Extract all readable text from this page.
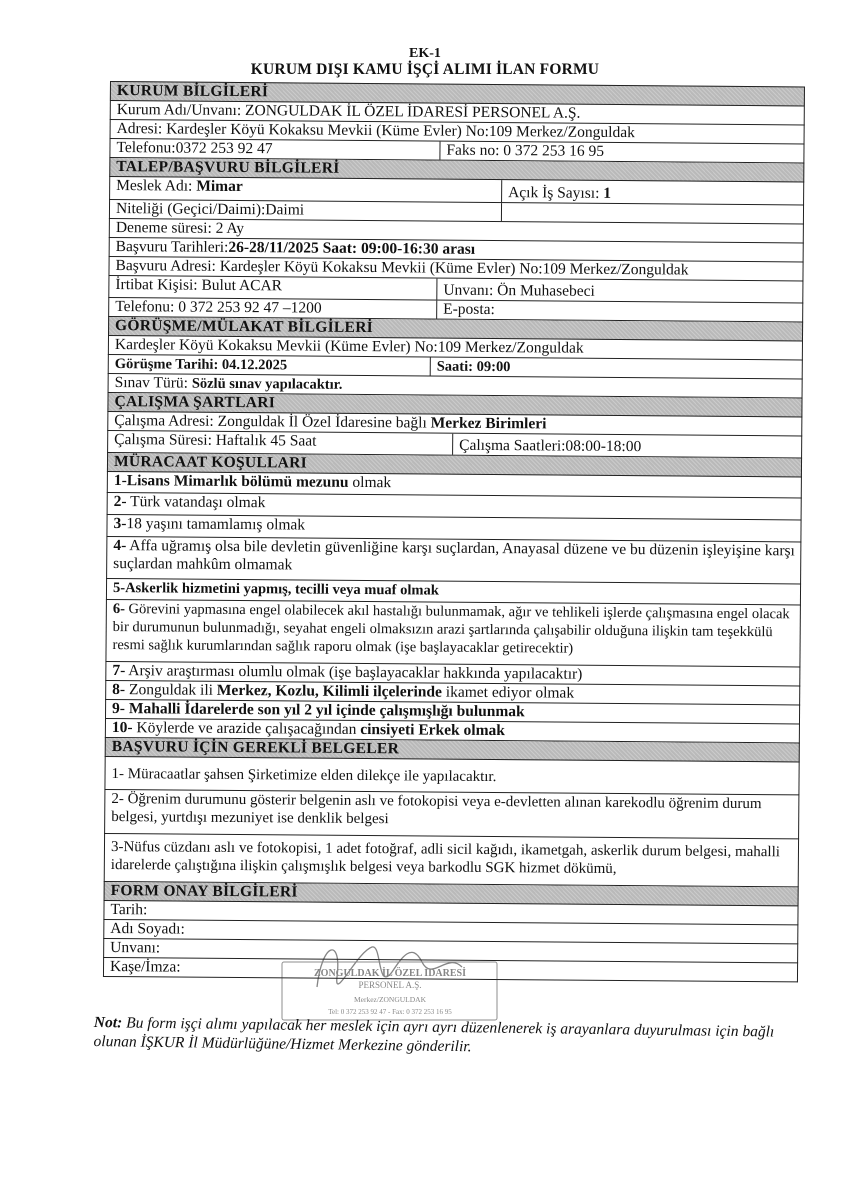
EK-1
KURUM DIŞI KAMU İŞÇİ ALIMI İLAN FORMU
KURUM BİLGİLERİ
Kurum Adı/Unvanı: ZONGULDAK İL ÖZEL İDARESİ PERSONEL A.Ş.
Adresi: Kardeşler Köyü Kokaksu Mevkii (Küme Evler) No:109 Merkez/Zonguldak
Telefonu:0372 253 92 47	Faks no: 0 372 253 16 95
TALEP/BAŞVURU BİLGİLERİ
Meslek Adı: Mimar	Açık İş Sayısı: 1
Niteliği (Geçici/Daimi):Daimi
Deneme süresi: 2 Ay
Başvuru Tarihleri:26-28/11/2025 Saat: 09:00-16:30 arası
Başvuru Adresi: Kardeşler Köyü Kokaksu Mevkii (Küme Evler) No:109 Merkez/Zonguldak
İrtibat Kişisi: Bulut ACAR	Unvanı: Ön Muhasebeci
Telefonu: 0 372 253 92 47 –1200	E-posta:
GÖRÜŞME/MÜLAKAT BİLGİLERİ
Kardeşler Köyü Kokaksu Mevkii (Küme Evler) No:109 Merkez/Zonguldak
Görüşme Tarihi: 04.12.2025	Saati: 09:00
Sınav Türü: Sözlü sınav yapılacaktır.
ÇALIŞMA ŞARTLARI
Çalışma Adresi: Zonguldak İl Özel İdaresine bağlı Merkez Birimleri
Çalışma Süresi: Haftalık 45 Saat	Çalışma Saatleri:08:00-18:00
MÜRACAAT KOŞULLARI
1-Lisans Mimarlık bölümü mezunu olmak
2- Türk vatandaşı olmak
3-18 yaşını tamamlamış olmak
4- Affa uğramış olsa bile devletin güvenliğine karşı suçlardan, Anayasal düzene ve bu düzenin işleyişine karşı suçlardan mahkûm olmamak
5-Askerlik hizmetini yapmış, tecilli veya muaf olmak
6- Görevini yapmasına engel olabilecek akıl hastalığı bulunmamak, ağır ve tehlikeli işlerde çalışmasına engel olacak bir durumunun bulunmadığı, seyahat engeli olmaksızın arazi şartlarında çalışabilir olduğuna ilişkin tam teşekkülü resmi sağlık kurumlarından sağlık raporu olmak (işe başlayacaklar getirecektir)
7- Arşiv araştırması olumlu olmak (işe başlayacaklar hakkında yapılacaktır)
8- Zonguldak ili Merkez, Kozlu, Kilimli ilçelerinde ikamet ediyor olmak
9- Mahalli İdarelerde son yıl 2 yıl içinde çalışmışlığı bulunmak
10- Köylerde ve arazide çalışacağından cinsiyeti Erkek olmak
BAŞVURU İÇİN GEREKLİ BELGELER
1- Müracaatlar şahsen Şirketimize elden dilekçe ile yapılacaktır.
2- Öğrenim durumunu gösterir belgenin aslı ve fotokopisi veya e-devletten alınan karekodlu öğrenim durum belgesi, yurtdışı mezuniyet ise denklik belgesi
3-Nüfus cüzdanı aslı ve fotokopisi, 1 adet fotoğraf, adli sicil kağıdı, ikametgah, askerlik durum belgesi, mahalli idarelerde çalıştığına ilişkin çalışmışlık belgesi veya barkodlu SGK hizmet dökümü,
FORM ONAY BİLGİLERİ
Tarih:
Adı Soyadı:
Unvanı:
Kaşe/İmza:	ZONGULDAK İL ÖZEL İDARESİ
PERSONEL A.Ş.
Merkez/ZONGULDAK
Tel: 0 372 253 92 47 - Fax: 0 372 253 16 95
Not: Bu form işçi alımı yapılacak her meslek için ayrı ayrı düzenlenerek iş arayanlara duyurulması için bağlı olunan İŞKUR İl Müdürlüğüne/Hizmet Merkezine gönderilir.
